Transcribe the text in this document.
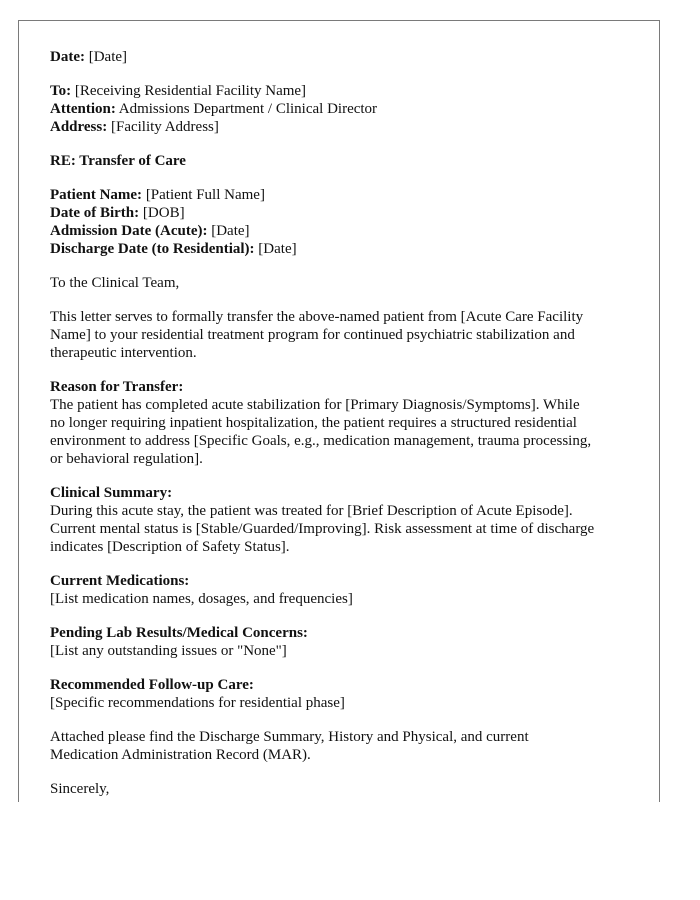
Date: [Date]
To: [Receiving Residential Facility Name]
Attention: Admissions Department / Clinical Director
Address: [Facility Address]
RE: Transfer of Care
Patient Name: [Patient Full Name]
Date of Birth: [DOB]
Admission Date (Acute): [Date]
Discharge Date (to Residential): [Date]
To the Clinical Team,
This letter serves to formally transfer the above-named patient from [Acute Care Facility
Name] to your residential treatment program for continued psychiatric stabilization and
therapeutic intervention.
Reason for Transfer:
The patient has completed acute stabilization for [Primary Diagnosis/Symptoms]. While
no longer requiring inpatient hospitalization, the patient requires a structured residential
environment to address [Specific Goals, e.g., medication management, trauma processing,
or behavioral regulation].
Clinical Summary:
During this acute stay, the patient was treated for [Brief Description of Acute Episode].
Current mental status is [Stable/Guarded/Improving]. Risk assessment at time of discharge
indicates [Description of Safety Status].
Current Medications:
[List medication names, dosages, and frequencies]
Pending Lab Results/Medical Concerns:
[List any outstanding issues or "None"]
Recommended Follow-up Care:
[Specific recommendations for residential phase]
Attached please find the Discharge Summary, History and Physical, and current
Medication Administration Record (MAR).
Sincerely,
